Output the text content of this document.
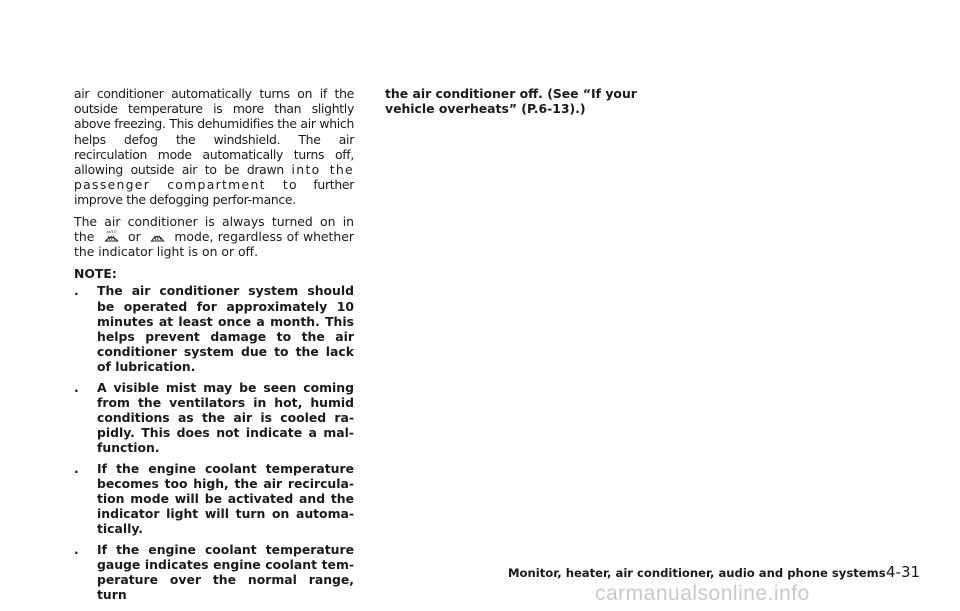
air conditioner automatically turns on if the outside temperature is more than slightly above freezing. This dehumidifies the air which helps defog the windshield. The air recirculation mode automatically turns off, allowing outside air to be drawn into the passenger compartment to further improve the defogging perfor-mance.

The air conditioner is always turned on in the	AUTO or	mode, regardless of whether the indicator light is on or off.

NOTE:
. The air conditioner system should be operated for approximately 10 minutes at least once a month. This helps prevent damage to the air conditioner system due to the lack of lubrication.
. A visible mist may be seen coming from the ventilators in hot, humid conditions as the air is cooled ra-pidly. This does not indicate a mal-function.
. If the engine coolant temperature becomes too high, the air recircula-tion mode will be activated and the indicator light will turn on automa-tically.
. If the engine coolant temperature gauge indicates engine coolant tem-perature over the normal range, turn

the air conditioner off. (See “If your vehicle overheats” (P.6-13).)

Monitor, heater, air conditioner, audio and phone systems 4-31
carmanualsonline.info
